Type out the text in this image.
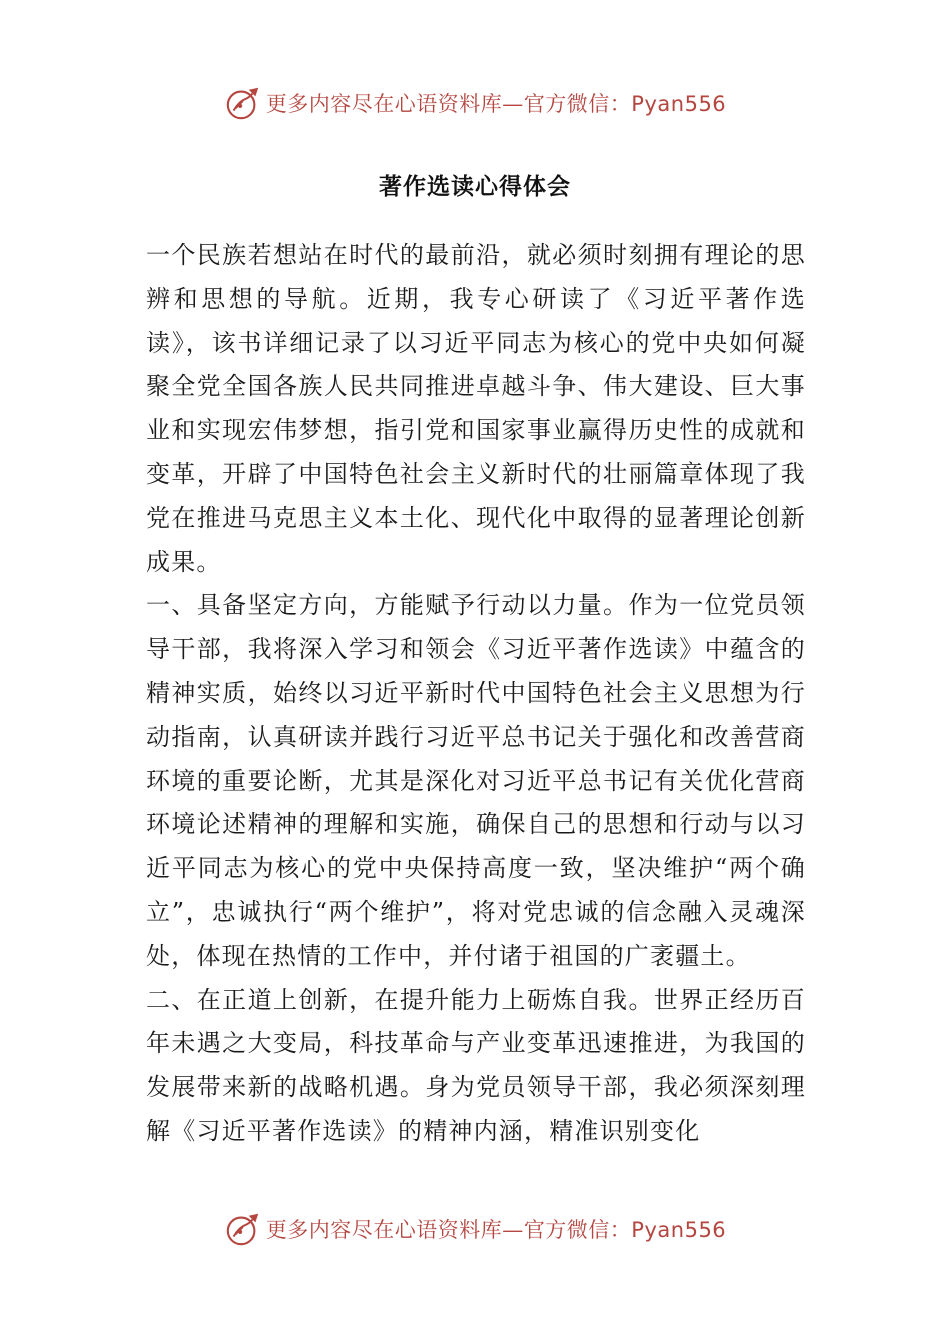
更多内容尽在心语资料库— 官方微信：Pyan556
著作选读心得体会

一个民族若想站在时代的最前沿，就必须时刻拥有理论的思辨和思想的导航。近期，我专心研读了《习近平著作选读》，该书详细记录了以习近平同志为核心的党中央如何凝聚全党全国各族人民共同推进卓越斗争、伟大建设、巨大事业和实现宏伟梦想，指引党和国家事业赢得历史性的成就和变革，开辟了中国特色社会主义新时代的壮丽篇章体现了我党在推进马克思主义本土化、现代化中取得的显著理论创新成果。

一、具备坚定方向，方能赋予行动以力量。作为一位党员领导干部，我将深入学习和领会《习近平著作选读》中蕴含的精神实质，始终以习近平新时代中国特色社会主义思想为行动指南，认真研读并践行习近平总书记关于强化和改善营商环境的重要论断，尤其是深化对习近平总书记有关优化营商环境论述精神的理解和实施，确保自己的思想和行动与以习近平同志为核心的党中央保持高度一致，坚决维护“两个确立”，忠诚执行“两个维护”，将对党忠诚的信念融入灵魂深处，体现在热情的工作中，并付诸于祖国的广袤疆土。

二、在正道上创新，在提升能力上砺炼自我。世界正经历百年未遇之大变局，科技革命与产业变革迅速推进，为我国的发展带来新的战略机遇。身为党员领导干部，我必须深刻理解《习近平著作选读》的精神内涵，精准识别变化

更多内容尽在心语资料库— 官方微信：Pyan556
